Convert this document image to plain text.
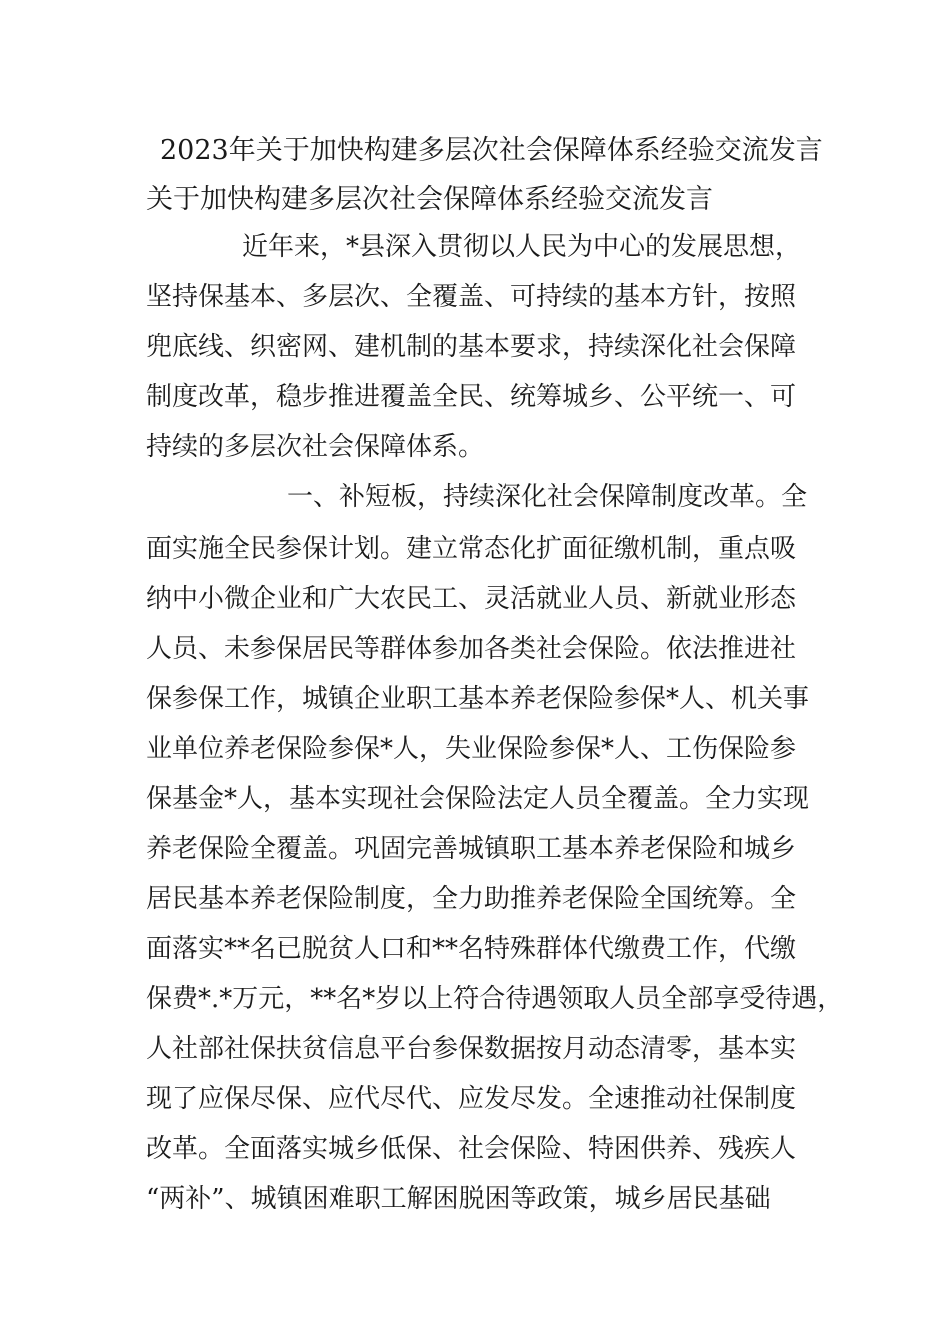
2023年关于加快构建多层次社会保障体系经验交流发言
关于加快构建多层次社会保障体系经验交流发言
近年来，*县深入贯彻以人民为中心的发展思想，
坚持保基本、多层次、全覆盖、可持续的基本方针，按照
兜底线、织密网、建机制的基本要求，持续深化社会保障
制度改革，稳步推进覆盖全民、统筹城乡、公平统一、可
持续的多层次社会保障体系。
一、补短板，持续深化社会保障制度改革。全
面实施全民参保计划。建立常态化扩面征缴机制，重点吸
纳中小微企业和广大农民工、灵活就业人员、新就业形态
人员、未参保居民等群体参加各类社会保险。依法推进社
保参保工作，城镇企业职工基本养老保险参保*人、机关事
业单位养老保险参保*人，失业保险参保*人、工伤保险参
保基金*人，基本实现社会保险法定人员全覆盖。全力实现
养老保险全覆盖。巩固完善城镇职工基本养老保险和城乡
居民基本养老保险制度，全力助推养老保险全国统筹。全
面落实**名已脱贫人口和**名特殊群体代缴费工作，代缴
保费*.*万元，**名*岁以上符合待遇领取人员全部享受待遇，
人社部社保扶贫信息平台参保数据按月动态清零，基本实
现了应保尽保、应代尽代、应发尽发。全速推动社保制度
改革。全面落实城乡低保、社会保险、特困供养、残疾人
“两补”、城镇困难职工解困脱困等政策，城乡居民基础
